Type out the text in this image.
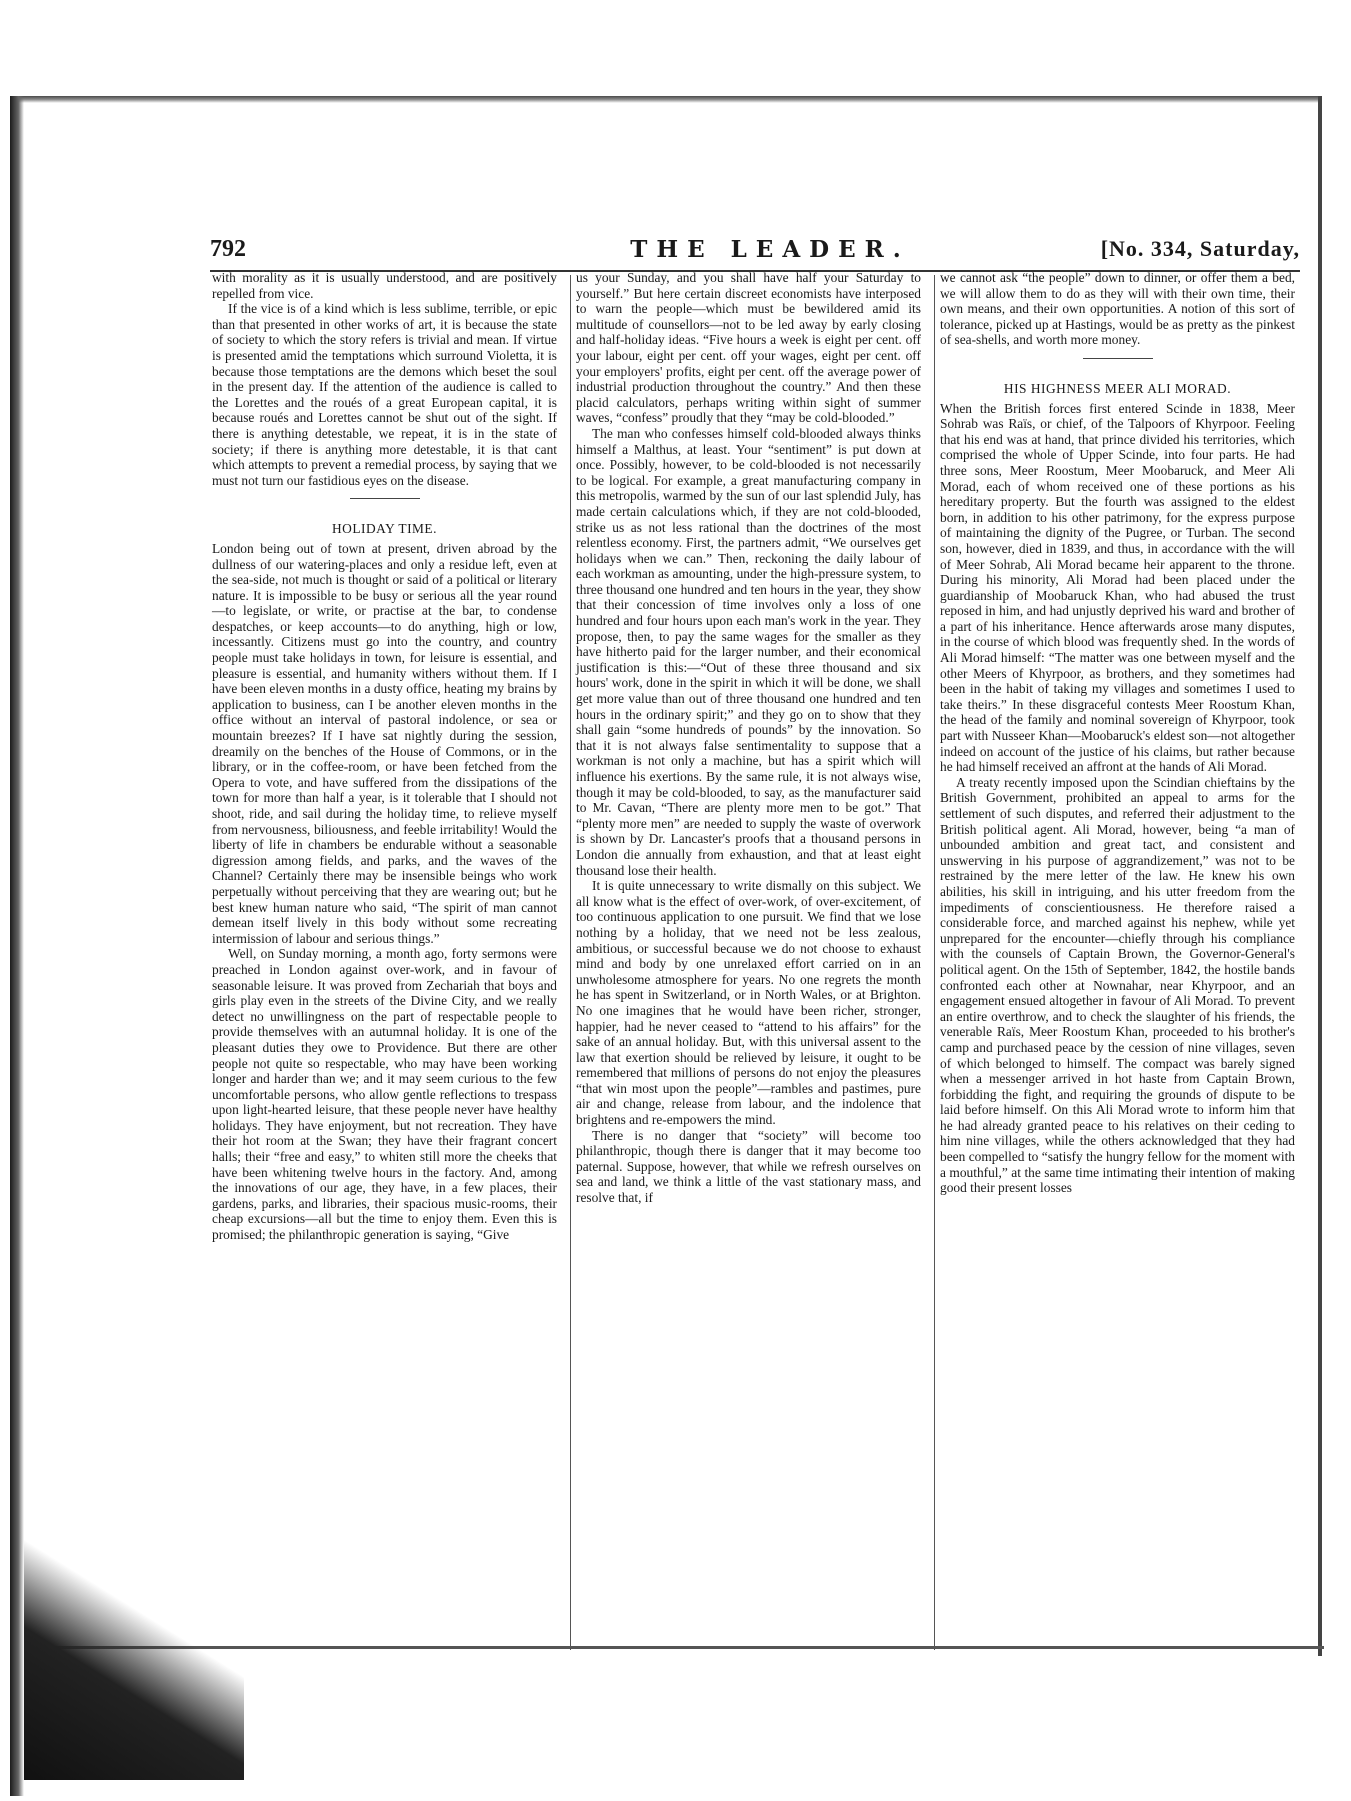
792	THE LEADER.	[No. 334, Saturday,

with morality as it is usually understood, and are positively repelled from vice.

If the vice is of a kind which is less sublime, terrible, or epic than that presented in other works of art, it is because the state of society to which the story refers is trivial and mean. If virtue is presented amid the temptations which surround Violetta, it is because those temptations are the demons which beset the soul in the present day. If the attention of the audience is called to the Lorettes and the roués of a great European capital, it is because roués and Lorettes cannot be shut out of the sight. If there is anything detestable, we repeat, it is in the state of society; if there is anything more detestable, it is that cant which attempts to prevent a remedial process, by saying that we must not turn our fastidious eyes on the disease.

HOLIDAY TIME.

London being out of town at present, driven abroad by the dullness of our watering-places and only a residue left, even at the sea-side, not much is thought or said of a political or literary nature. It is impossible to be busy or serious all the year round—to legislate, or write, or practise at the bar, to condense despatches, or keep accounts—to do anything, high or low, incessantly. Citizens must go into the country, and country people must take holidays in town, for leisure is essential, and pleasure is essential, and humanity withers without them. If I have been eleven months in a dusty office, heating my brains by application to business, can I be another eleven months in the office without an interval of pastoral indolence, or sea or mountain breezes? If I have sat nightly during the session, dreamily on the benches of the House of Commons, or in the library, or in the coffee-room, or have been fetched from the Opera to vote, and have suffered from the dissipations of the town for more than half a year, is it tolerable that I should not shoot, ride, and sail during the holiday time, to relieve myself from nervousness, biliousness, and feeble irritability! Would the liberty of life in chambers be endurable without a seasonable digression among fields, and parks, and the waves of the Channel? Certainly there may be insensible beings who work perpetually without perceiving that they are wearing out; but he best knew human nature who said, “The spirit of man cannot demean itself lively in this body without some recreating intermission of labour and serious things.”

Well, on Sunday morning, a month ago, forty sermons were preached in London against over-work, and in favour of seasonable leisure. It was proved from Zechariah that boys and girls play even in the streets of the Divine City, and we really detect no unwillingness on the part of respectable people to provide themselves with an autumnal holiday. It is one of the pleasant duties they owe to Providence. But there are other people not quite so respectable, who may have been working longer and harder than we; and it may seem curious to the few uncomfortable persons, who allow gentle reflections to trespass upon light-hearted leisure, that these people never have healthy holidays. They have enjoyment, but not recreation. They have their hot room at the Swan; they have their fragrant concert halls; their “free and easy,” to whiten still more the cheeks that have been whitening twelve hours in the factory. And, among the innovations of our age, they have, in a few places, their gardens, parks, and libraries, their spacious music-rooms, their cheap excursions—all but the time to enjoy them. Even this is promised; the philanthropic generation is saying, “Give

us your Sunday, and you shall have half your Saturday to yourself.” But here certain discreet economists have interposed to warn the people—which must be bewildered amid its multitude of counsellors—not to be led away by early closing and half-holiday ideas. “Five hours a week is eight per cent. off your labour, eight per cent. off your wages, eight per cent. off your employers' profits, eight per cent. off the average power of industrial production throughout the country.” And then these placid calculators, perhaps writing within sight of summer waves, “confess” proudly that they “may be cold-blooded.”

The man who confesses himself cold-blooded always thinks himself a Malthus, at least. Your “sentiment” is put down at once. Possibly, however, to be cold-blooded is not necessarily to be logical. For example, a great manufacturing company in this metropolis, warmed by the sun of our last splendid July, has made certain calculations which, if they are not cold-blooded, strike us as not less rational than the doctrines of the most relentless economy. First, the partners admit, “We ourselves get holidays when we can.” Then, reckoning the daily labour of each workman as amounting, under the high-pressure system, to three thousand one hundred and ten hours in the year, they show that their concession of time involves only a loss of one hundred and four hours upon each man's work in the year. They propose, then, to pay the same wages for the smaller as they have hitherto paid for the larger number, and their economical justification is this:—“Out of these three thousand and six hours' work, done in the spirit in which it will be done, we shall get more value than out of three thousand one hundred and ten hours in the ordinary spirit;” and they go on to show that they shall gain “some hundreds of pounds” by the innovation. So that it is not always false sentimentality to suppose that a workman is not only a machine, but has a spirit which will influence his exertions. By the same rule, it is not always wise, though it may be cold-blooded, to say, as the manufacturer said to Mr. Cavan, “There are plenty more men to be got.” That “plenty more men” are needed to supply the waste of overwork is shown by Dr. Lancaster's proofs that a thousand persons in London die annually from exhaustion, and that at least eight thousand lose their health.

It is quite unnecessary to write dismally on this subject. We all know what is the effect of over-work, of over-excitement, of too continuous application to one pursuit. We find that we lose nothing by a holiday, that we need not be less zealous, ambitious, or successful because we do not choose to exhaust mind and body by one unrelaxed effort carried on in an unwholesome atmosphere for years. No one regrets the month he has spent in Switzerland, or in North Wales, or at Brighton. No one imagines that he would have been richer, stronger, happier, had he never ceased to “attend to his affairs” for the sake of an annual holiday. But, with this universal assent to the law that exertion should be relieved by leisure, it ought to be remembered that millions of persons do not enjoy the pleasures “that win most upon the people”—rambles and pastimes, pure air and change, release from labour, and the indolence that brightens and re-empowers the mind.

There is no danger that “society” will become too philanthropic, though there is danger that it may become too paternal. Suppose, however, that while we refresh ourselves on sea and land, we think a little of the vast stationary mass, and resolve that, if

we cannot ask “the people” down to dinner, or offer them a bed, we will allow them to do as they will with their own time, their own means, and their own opportunities. A notion of this sort of tolerance, picked up at Hastings, would be as pretty as the pinkest of sea-shells, and worth more money.

HIS HIGHNESS MEER ALI MORAD.

When the British forces first entered Scinde in 1838, Meer Sohrab was Raïs, or chief, of the Talpoors of Khyrpoor. Feeling that his end was at hand, that prince divided his territories, which comprised the whole of Upper Scinde, into four parts. He had three sons, Meer Roostum, Meer Moobaruck, and Meer Ali Morad, each of whom received one of these portions as his hereditary property. But the fourth was assigned to the eldest born, in addition to his other patrimony, for the express purpose of maintaining the dignity of the Pugree, or Turban. The second son, however, died in 1839, and thus, in accordance with the will of Meer Sohrab, Ali Morad became heir apparent to the throne. During his minority, Ali Morad had been placed under the guardianship of Moobaruck Khan, who had abused the trust reposed in him, and had unjustly deprived his ward and brother of a part of his inheritance. Hence afterwards arose many disputes, in the course of which blood was frequently shed. In the words of Ali Morad himself: “The matter was one between myself and the other Meers of Khyrpoor, as brothers, and they sometimes had been in the habit of taking my villages and sometimes I used to take theirs.” In these disgraceful contests Meer Roostum Khan, the head of the family and nominal sovereign of Khyrpoor, took part with Nusseer Khan—Moobaruck's eldest son—not altogether indeed on account of the justice of his claims, but rather because he had himself received an affront at the hands of Ali Morad.

A treaty recently imposed upon the Scindian chieftains by the British Government, prohibited an appeal to arms for the settlement of such disputes, and referred their adjustment to the British political agent. Ali Morad, however, being “a man of unbounded ambition and great tact, and consistent and unswerving in his purpose of aggrandizement,” was not to be restrained by the mere letter of the law. He knew his own abilities, his skill in intriguing, and his utter freedom from the impediments of conscientiousness. He therefore raised a considerable force, and marched against his nephew, while yet unprepared for the encounter—chiefly through his compliance with the counsels of Captain Brown, the Governor-General's political agent. On the 15th of September, 1842, the hostile bands confronted each other at Nownahar, near Khyrpoor, and an engagement ensued altogether in favour of Ali Morad. To prevent an entire overthrow, and to check the slaughter of his friends, the venerable Raïs, Meer Roostum Khan, proceeded to his brother's camp and purchased peace by the cession of nine villages, seven of which belonged to himself. The compact was barely signed when a messenger arrived in hot haste from Captain Brown, forbidding the fight, and requiring the grounds of dispute to be laid before himself. On this Ali Morad wrote to inform him that he had already granted peace to his relatives on their ceding to him nine villages, while the others acknowledged that they had been compelled to “satisfy the hungry fellow for the moment with a mouthful,” at the same time intimating their intention of making good their present losses
